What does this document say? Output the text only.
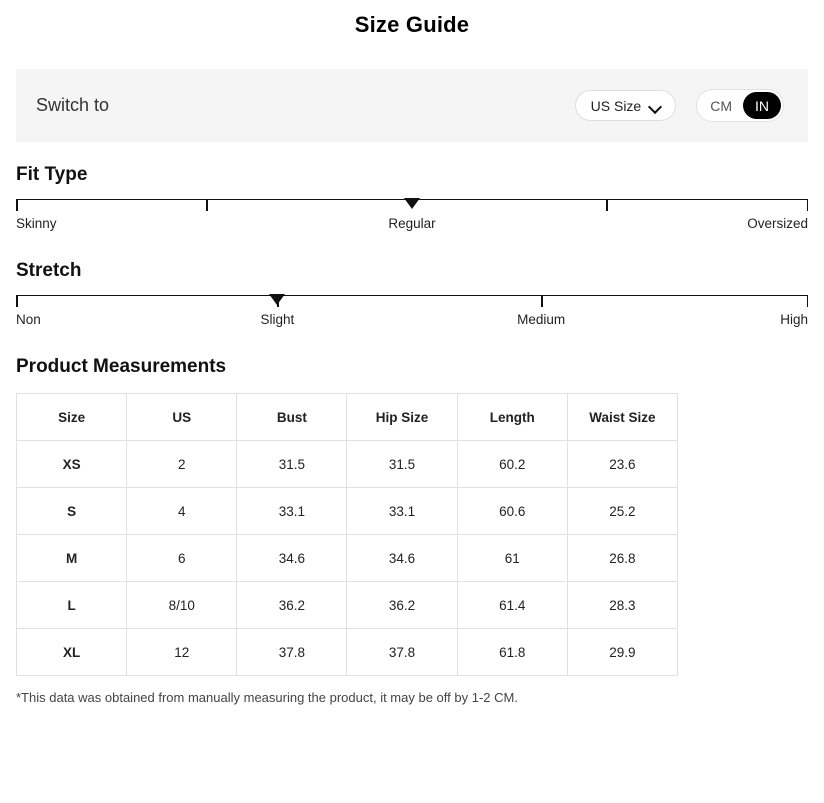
Size Guide
Switch to	US Size	CM	IN
Fit Type
Skinny	Regular	Oversized
Stretch
Non	Slight	Medium	High
Product Measurements
Size	US	Bust	Hip Size	Length	Waist Size
XS	2	31.5	31.5	60.2	23.6
S	4	33.1	33.1	60.6	25.2
M	6	34.6	34.6	61	26.8
L	8/10	36.2	36.2	61.4	28.3
XL	12	37.8	37.8	61.8	29.9
*This data was obtained from manually measuring the product, it may be off by 1-2 CM.
